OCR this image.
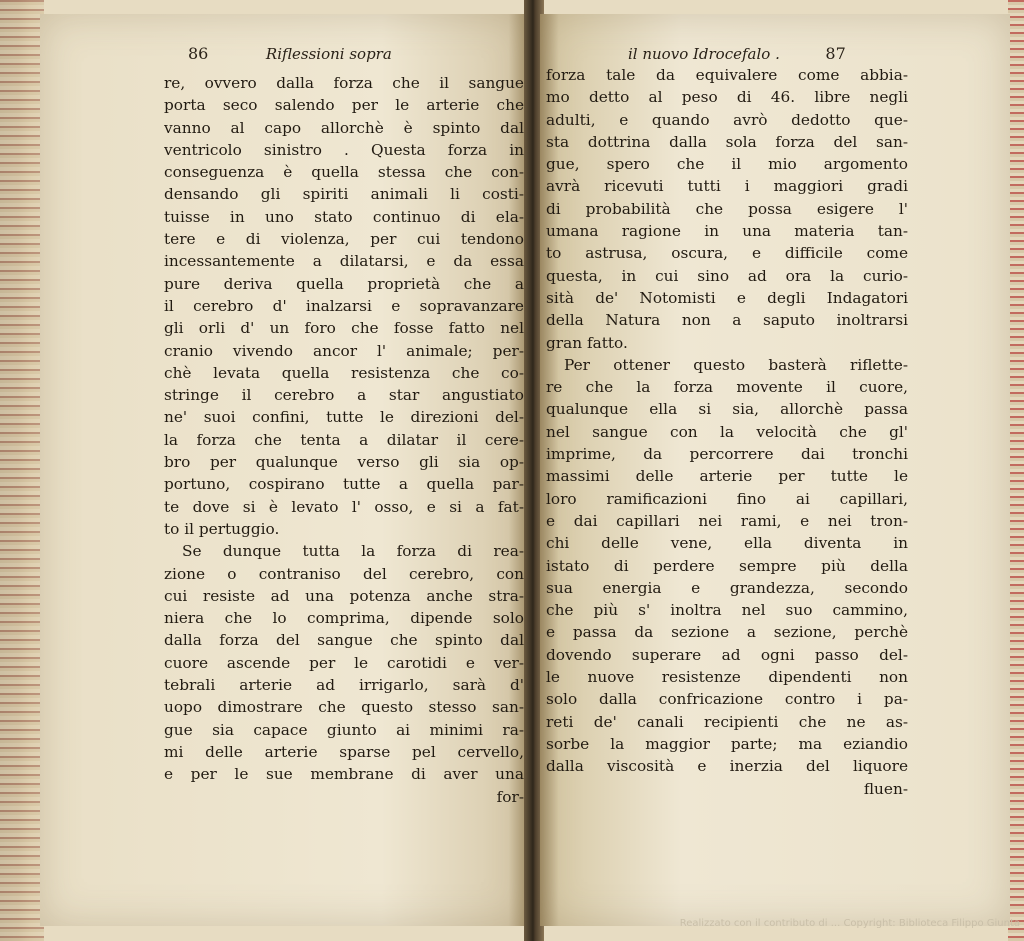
86	Riflessioni sopra
re, ovvero dalla forza che il sangue
porta seco salendo per le arterie che
vanno al capo allorchè è spinto dal
ventricolo sinistro . Questa forza in
conseguenza è quella stessa che con-
densando gli spiriti animali li costi-
tuisse in uno stato continuo di ela-
tere e di violenza, per cui tendono
incessantemente a dilatarsi, e da essa
pure deriva quella proprietà che a
il cerebro d' inalzarsi e sopravanzare
gli orli d' un foro che fosse fatto nel
cranio vivendo ancor l' animale; per-
chè levata quella resistenza che co-
stringe il cerebro a star angustiato
ne' suoi confini, tutte le direzioni del-
la forza che tenta a dilatar il cere-
bro per qualunque verso gli sia op-
portuno, cospirano tutte a quella par-
te dove si è levato l' osso, e si a fat-
to il pertuggio.
Se dunque tutta la forza di rea-
zione o contraniso del cerebro, con
cui resiste ad una potenza anche stra-
niera che lo comprima, dipende solo
dalla forza del sangue che spinto dal
cuore ascende per le carotidi e ver-
tebrali arterie ad irrigarlo, sarà d'
uopo dimostrare che questo stesso san-
gue sia capace giunto ai minimi ra-
mi delle arterie sparse pel cervello,
e per le sue membrane di aver una
for-
il nuovo Idrocefalo .	87
forza tale da equivalere come abbia-
mo detto al peso di 46. libre negli
adulti, e quando avrò dedotto que-
sta dottrina dalla sola forza del san-
gue, spero che il mio argomento
avrà ricevuti tutti i maggiori gradi
di probabilità che possa esigere l'
umana ragione in una materia tan-
to astrusa, oscura, e difficile come
questa, in cui sino ad ora la curio-
sità de' Notomisti e degli Indagatori
della Natura non a saputo inoltrarsi
gran fatto.
Per ottener questo basterà riflette-
re che la forza movente il cuore,
qualunque ella si sia, allorchè passa
nel sangue con la velocità che gl'
imprime, da percorrere dai tronchi
massimi delle arterie per tutte le
loro ramificazioni fino ai capillari,
e dai capillari nei rami, e nei tron-
chi delle vene, ella diventa in
istato di perdere sempre più della
sua energia e grandezza, secondo
che più s' inoltra nel suo cammino,
e passa da sezione a sezione, perchè
dovendo superare ad ogni passo del-
le nuove resistenze dipendenti non
solo dalla confricazione contro i pa-
reti de' canali recipienti che ne as-
sorbe la maggior parte; ma eziandio
dalla viscosità e inerzia del liquore
fluen-
Realizzato con il contributo di ... Copyright: Biblioteca Filippo Giunta
